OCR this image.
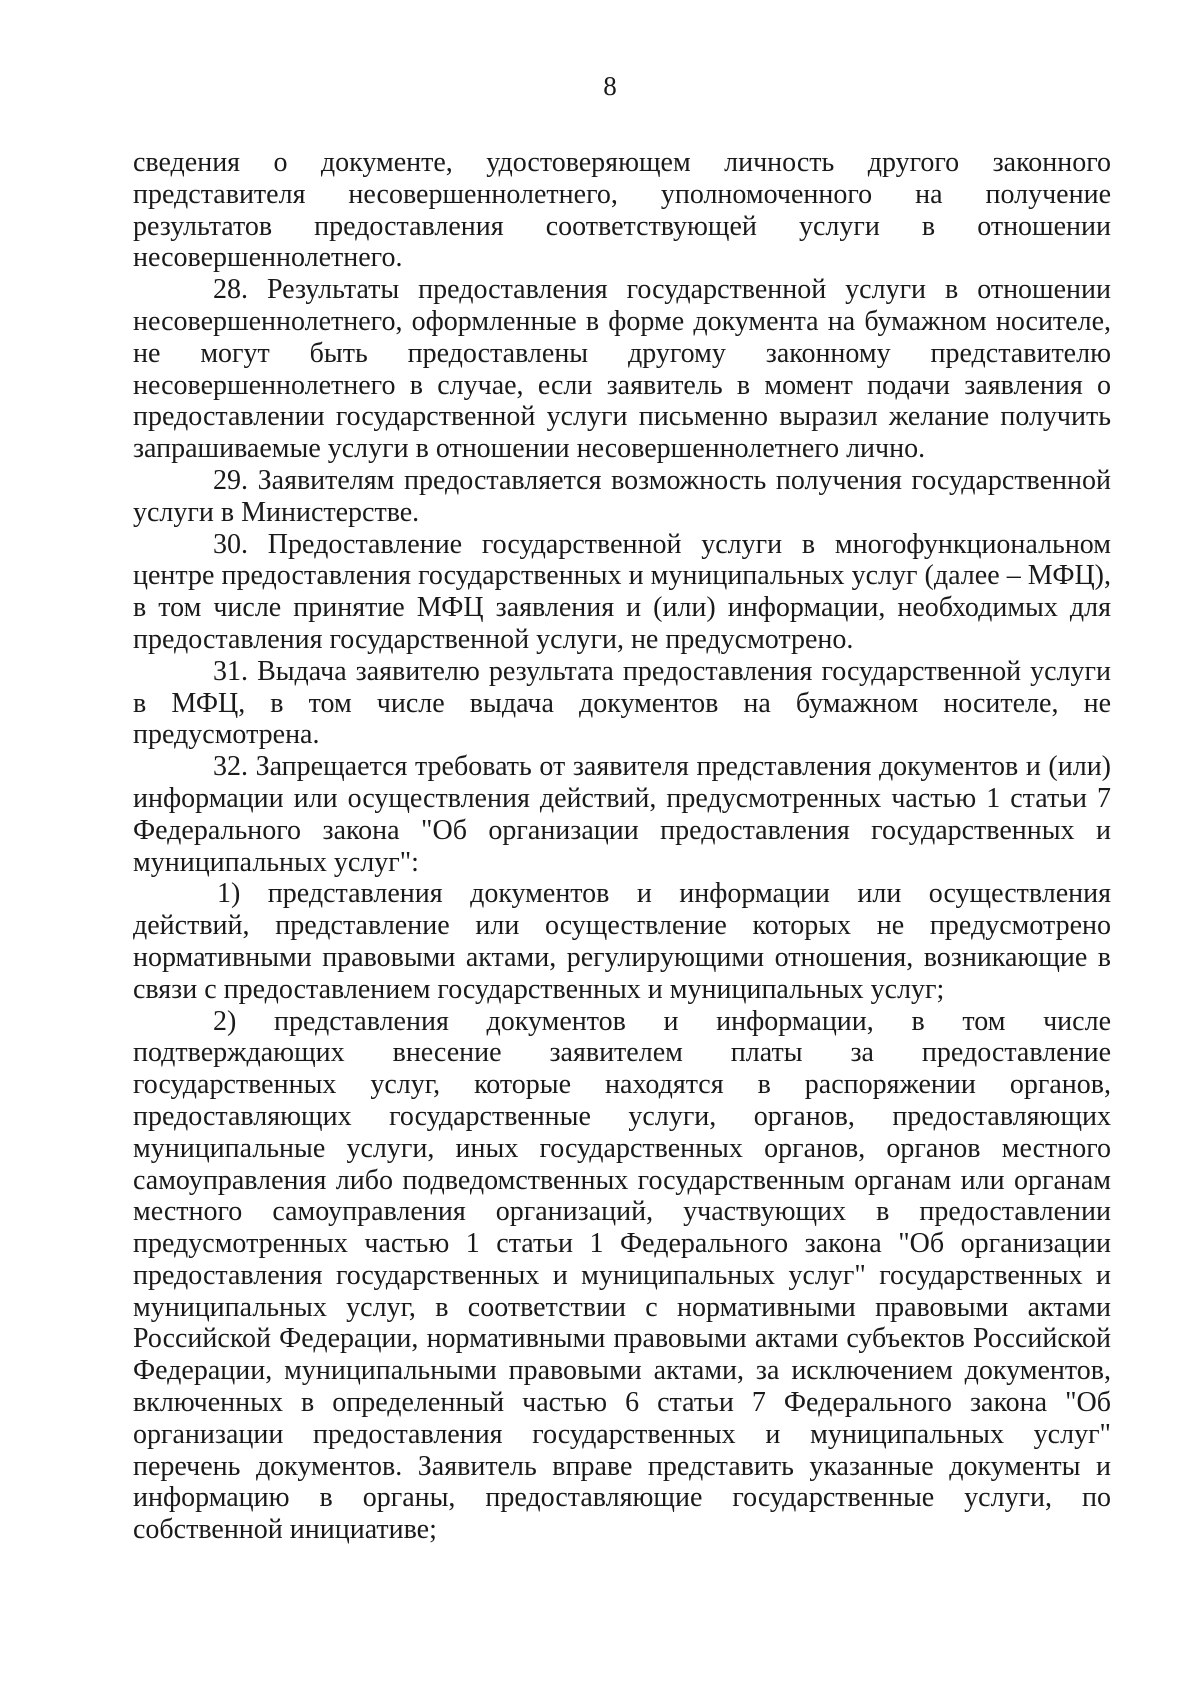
8

сведения о документе, удостоверяющем личность другого законного представителя несовершеннолетнего, уполномоченного на получение результатов предоставления соответствующей услуги в отношении несовершеннолетнего.

28. Результаты предоставления государственной услуги в отношении несовершеннолетнего, оформленные в форме документа на бумажном носителе, не могут быть предоставлены другому законному представителю несовершеннолетнего в случае, если заявитель в момент подачи заявления о предоставлении государственной услуги письменно выразил желание получить запрашиваемые услуги в отношении несовершеннолетнего лично.

29. Заявителям предоставляется возможность получения государственной услуги в Министерстве.

30. Предоставление государственной услуги в многофункциональном центре предоставления государственных и муниципальных услуг (далее – МФЦ), в том числе принятие МФЦ заявления и (или) информации, необходимых для предоставления государственной услуги, не предусмотрено.

31. Выдача заявителю результата предоставления государственной услуги в МФЦ, в том числе выдача документов на бумажном носителе, не предусмотрена.

32. Запрещается требовать от заявителя представления документов и (или) информации или осуществления действий, предусмотренных частью 1 статьи 7 Федерального закона "Об организации предоставления государственных и муниципальных услуг":

1) представления документов и информации или осуществления действий, представление или осуществление которых не предусмотрено нормативными правовыми актами, регулирующими отношения, возникающие в связи с предоставлением государственных и муниципальных услуг;

2) представления документов и информации, в том числе подтверждающих внесение заявителем платы за предоставление государственных услуг, которые находятся в распоряжении органов, предоставляющих государственные услуги, органов, предоставляющих муниципальные услуги, иных государственных органов, органов местного самоуправления либо подведомственных государственным органам или органам местного самоуправления организаций, участвующих в предоставлении предусмотренных частью 1 статьи 1 Федерального закона "Об организации предоставления государственных и муниципальных услуг" государственных и муниципальных услуг, в соответствии с нормативными правовыми актами Российской Федерации, нормативными правовыми актами субъектов Российской Федерации, муниципальными правовыми актами, за исключением документов, включенных в определенный частью 6 статьи 7 Федерального закона "Об организации предоставления государственных и муниципальных услуг" перечень документов. Заявитель вправе представить указанные документы и информацию в органы, предоставляющие государственные услуги, по собственной инициативе;
